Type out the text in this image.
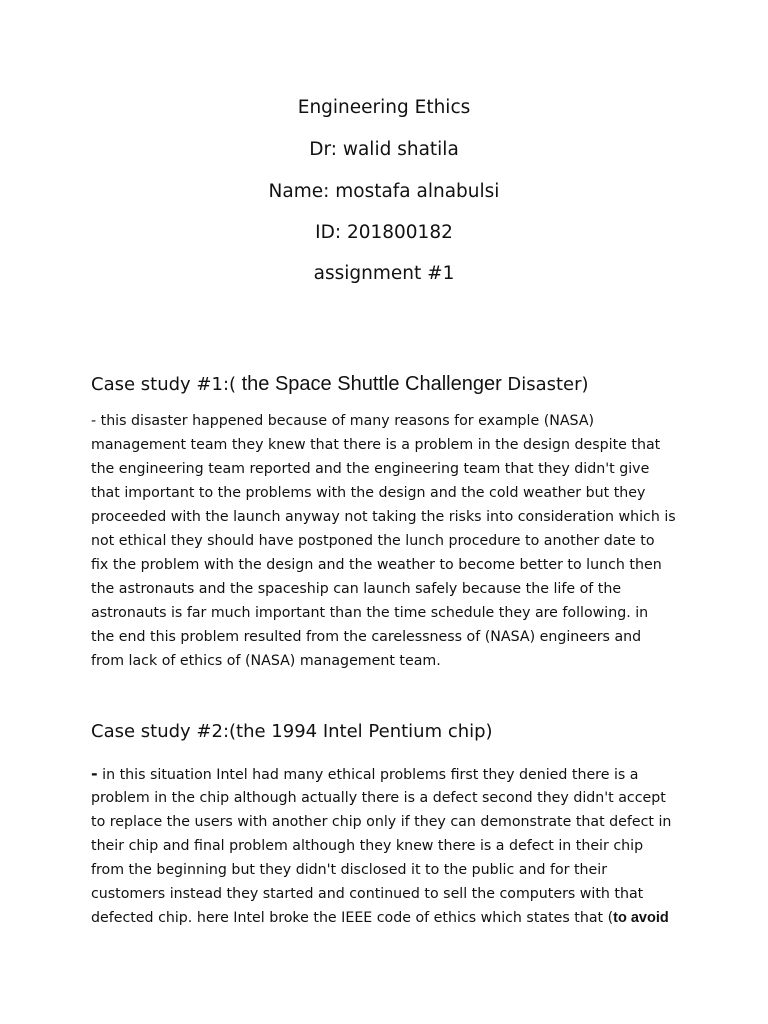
Engineering Ethics
Dr: walid shatila
Name: mostafa alnabulsi
ID: 201800182
assignment #1
Case study #1:( the Space Shuttle Challenger Disaster)
- this disaster happened because of many reasons for example (NASA)
management team they knew that there is a problem in the design despite that
the engineering team reported and the engineering team that they didn't give
that important to the problems with the design and the cold weather but they
proceeded with the launch anyway not taking the risks into consideration which is
not ethical they should have postponed the lunch procedure to another date to
fix the problem with the design and the weather to become better to lunch then
the astronauts and the spaceship can launch safely because the life of the
astronauts is far much important than the time schedule they are following. in
the end this problem resulted from the carelessness of (NASA) engineers and
from lack of ethics of (NASA) management team.
Case study #2:(the 1994 Intel Pentium chip)
- in this situation Intel had many ethical problems first they denied there is a
problem in the chip although actually there is a defect second they didn't accept
to replace the users with another chip only if they can demonstrate that defect in
their chip and final problem although they knew there is a defect in their chip
from the beginning but they didn't disclosed it to the public and for their
customers instead they started and continued to sell the computers with that
defected chip. here Intel broke the IEEE code of ethics which states that (to avoid
